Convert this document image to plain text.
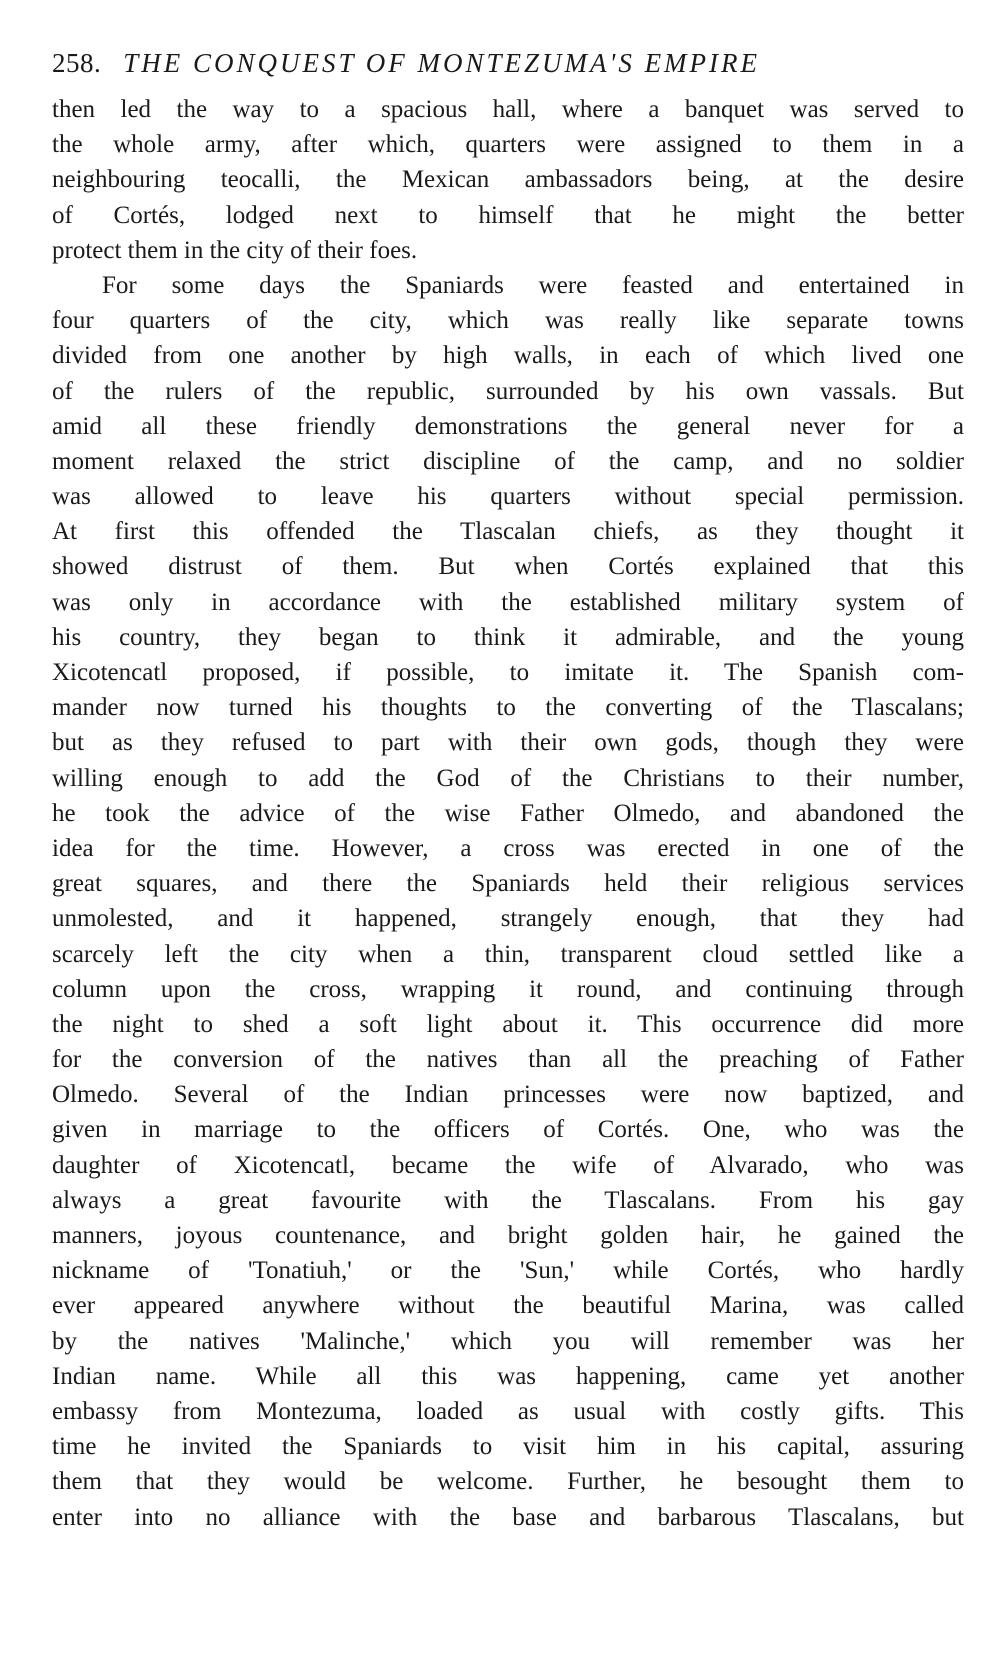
258. THE CONQUEST OF MONTEZUMA'S EMPIRE
then led the way to a spacious hall, where a banquet was served to
the whole army, after which, quarters were assigned to them in a
neighbouring teocalli, the Mexican ambassadors being, at the desire
of Cortés, lodged next to himself that he might the better
protect them in the city of their foes.
For some days the Spaniards were feasted and entertained in
four quarters of the city, which was really like separate towns
divided from one another by high walls, in each of which lived one
of the rulers of the republic, surrounded by his own vassals. But
amid all these friendly demonstrations the general never for a
moment relaxed the strict discipline of the camp, and no soldier
was allowed to leave his quarters without special permission.
At first this offended the Tlascalan chiefs, as they thought it
showed distrust of them. But when Cortés explained that this
was only in accordance with the established military system of
his country, they began to think it admirable, and the young
Xicotencatl proposed, if possible, to imitate it. The Spanish com-
mander now turned his thoughts to the converting of the Tlascalans;
but as they refused to part with their own gods, though they were
willing enough to add the God of the Christians to their number,
he took the advice of the wise Father Olmedo, and abandoned the
idea for the time. However, a cross was erected in one of the
great squares, and there the Spaniards held their religious services
unmolested, and it happened, strangely enough, that they had
scarcely left the city when a thin, transparent cloud settled like a
column upon the cross, wrapping it round, and continuing through
the night to shed a soft light about it. This occurrence did more
for the conversion of the natives than all the preaching of Father
Olmedo. Several of the Indian princesses were now baptized, and
given in marriage to the officers of Cortés. One, who was the
daughter of Xicotencatl, became the wife of Alvarado, who was
always a great favourite with the Tlascalans. From his gay
manners, joyous countenance, and bright golden hair, he gained the
nickname of 'Tonatiuh,' or the 'Sun,' while Cortés, who hardly
ever appeared anywhere without the beautiful Marina, was called
by the natives 'Malinche,' which you will remember was her
Indian name. While all this was happening, came yet another
embassy from Montezuma, loaded as usual with costly gifts. This
time he invited the Spaniards to visit him in his capital, assuring
them that they would be welcome. Further, he besought them to
enter into no alliance with the base and barbarous Tlascalans, but
